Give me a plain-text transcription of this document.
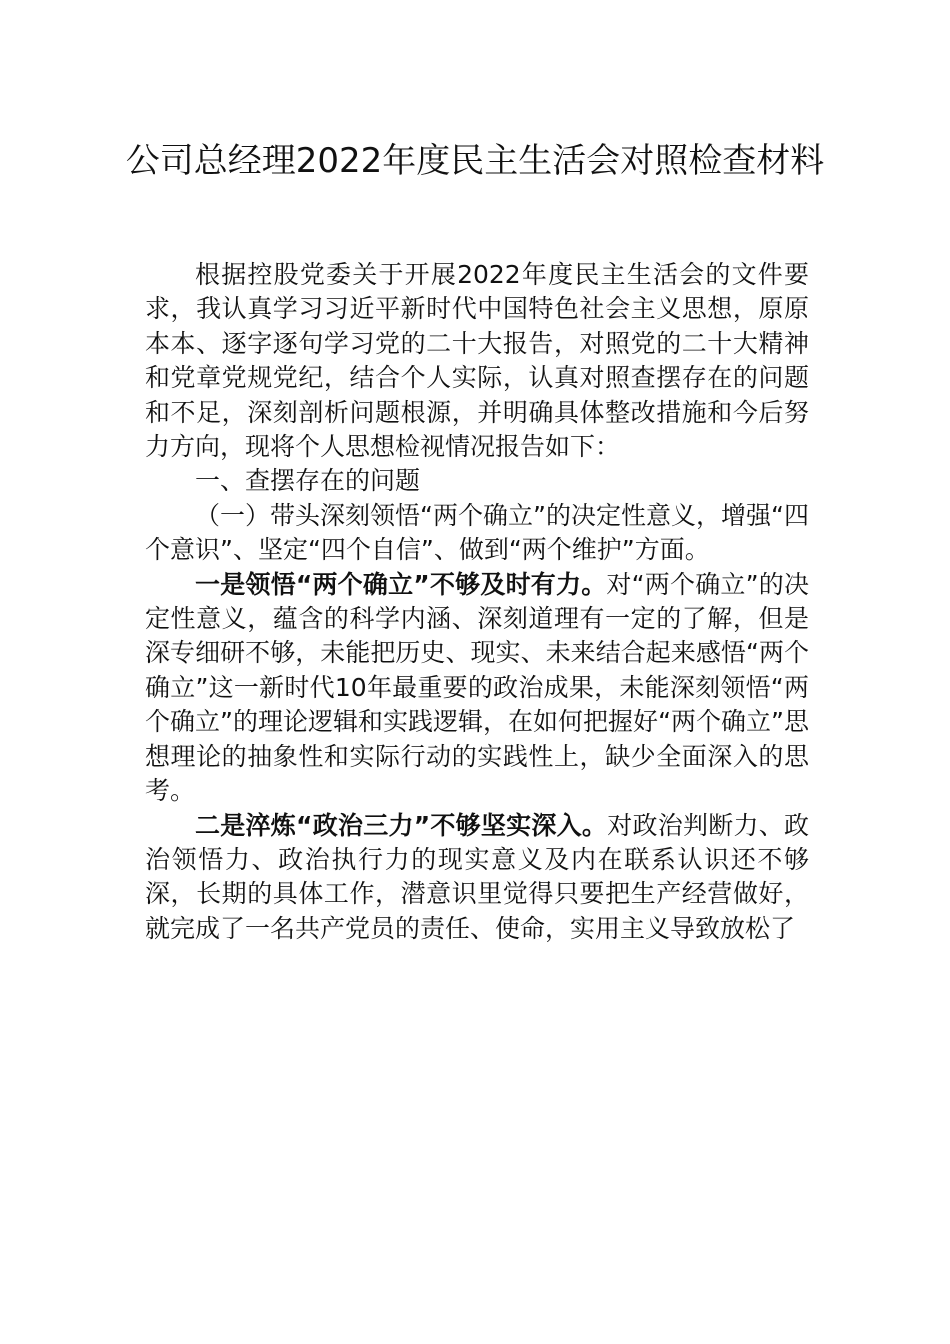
公司总经理2022年度民主生活会对照检查材料

根据控股党委关于开展2022年度民主生活会的文件要求，我认真学习习近平新时代中国特色社会主义思想，原原本本、逐字逐句学习党的二十大报告，对照党的二十大精神和党章党规党纪，结合个人实际，认真对照查摆存在的问题和不足，深刻剖析问题根源，并明确具体整改措施和今后努力方向，现将个人思想检视情况报告如下：

一、查摆存在的问题

（一）带头深刻领悟“两个确立”的决定性意义，增强“四个意识”、坚定“四个自信”、做到“两个维护”方面。

一是领悟“两个确立”不够及时有力。对“两个确立”的决定性意义，蕴含的科学内涵、深刻道理有一定的了解，但是深专细研不够，未能把历史、现实、未来结合起来感悟“两个确立”这一新时代10年最重要的政治成果，未能深刻领悟“两个确立”的理论逻辑和实践逻辑，在如何把握好“两个确立”思想理论的抽象性和实际行动的实践性上，缺少全面深入的思考。

二是淬炼“政治三力”不够坚实深入。对政治判断力、政治领悟力、政治执行力的现实意义及内在联系认识还不够深，长期的具体工作，潜意识里觉得只要把生产经营做好，就完成了一名共产党员的责任、使命，实用主义导致放松了
